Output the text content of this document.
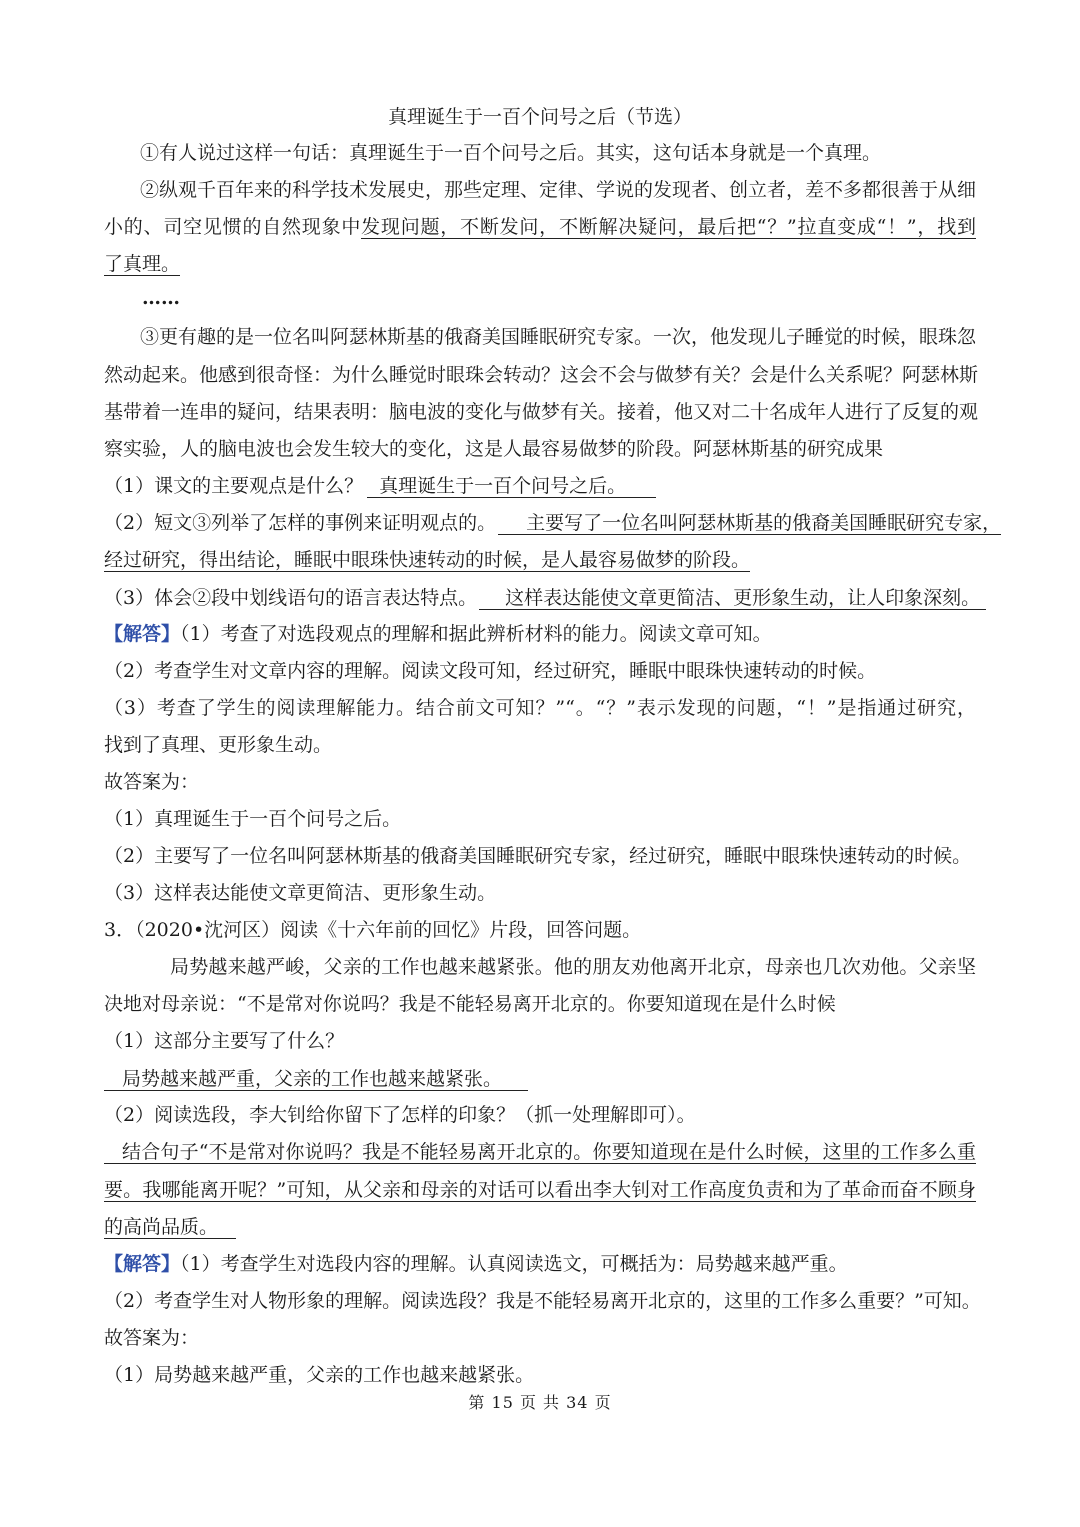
真理诞生于一百个问号之后（节选）
①有人说过这样一句话：真理诞生于一百个问号之后。其实，这句话本身就是一个真理。
②纵观千百年来的科学技术发展史，那些定理、定律、学说的发现者、创立者，差不多都很善于从细
小的、司空见惯的自然现象中发现问题，不断发问，不断解决疑问，最后把“？”拉直变成“！”，找到
了真理。
……
③更有趣的是一位名叫阿瑟林斯基的俄裔美国睡眠研究专家。一次，他发现儿子睡觉的时候，眼珠忽
然动起来。他感到很奇怪：为什么睡觉时眼珠会转动？这会不会与做梦有关？会是什么关系呢？阿瑟林斯
基带着一连串的疑问，结果表明：脑电波的变化与做梦有关。接着，他又对二十名成年人进行了反复的观
察实验，人的脑电波也会发生较大的变化，这是人最容易做梦的阶段。阿瑟林斯基的研究成果
（1）课文的主要观点是什么？ 真理诞生于一百个问号之后。
（2）短文③列举了怎样的事例来证明观点的。 主要写了一位名叫阿瑟林斯基的俄裔美国睡眠研究专家，
经过研究，得出结论，睡眠中眼珠快速转动的时候，是人最容易做梦的阶段。
（3）体会②段中划线语句的语言表达特点。 这样表达能使文章更简洁、更形象生动，让人印象深刻。
【解答】（1）考查了对选段观点的理解和据此辨析材料的能力。阅读文章可知。
（2）考查学生对文章内容的理解。阅读文段可知，经过研究，睡眠中眼珠快速转动的时候。
（3）考查了学生的阅读理解能力。结合前文可知？”“。“？”表示发现的问题，“！”是指通过研究，
找到了真理、更形象生动。
故答案为：
（1）真理诞生于一百个问号之后。
（2）主要写了一位名叫阿瑟林斯基的俄裔美国睡眠研究专家，经过研究，睡眠中眼珠快速转动的时候。
（3）这样表达能使文章更简洁、更形象生动。
3．（2020•沈河区）阅读《十六年前的回忆》片段，回答问题。
局势越来越严峻，父亲的工作也越来越紧张。他的朋友劝他离开北京，母亲也几次劝他。父亲坚
决地对母亲说：“不是常对你说吗？我是不能轻易离开北京的。你要知道现在是什么时候
（1）这部分主要写了什么？
局势越来越严重，父亲的工作也越来越紧张。
（2）阅读选段，李大钊给你留下了怎样的印象？（抓一处理解即可）。
结合句子“不是常对你说吗？我是不能轻易离开北京的。你要知道现在是什么时候，这里的工作多么重
要。我哪能离开呢？”可知，从父亲和母亲的对话可以看出李大钊对工作高度负责和为了革命而奋不顾身
的高尚品质。
【解答】（1）考查学生对选段内容的理解。认真阅读选文，可概括为：局势越来越严重。
（2）考查学生对人物形象的理解。阅读选段？我是不能轻易离开北京的，这里的工作多么重要？”可知。
故答案为：
（1）局势越来越严重，父亲的工作也越来越紧张。
第 15 页 共 34 页
